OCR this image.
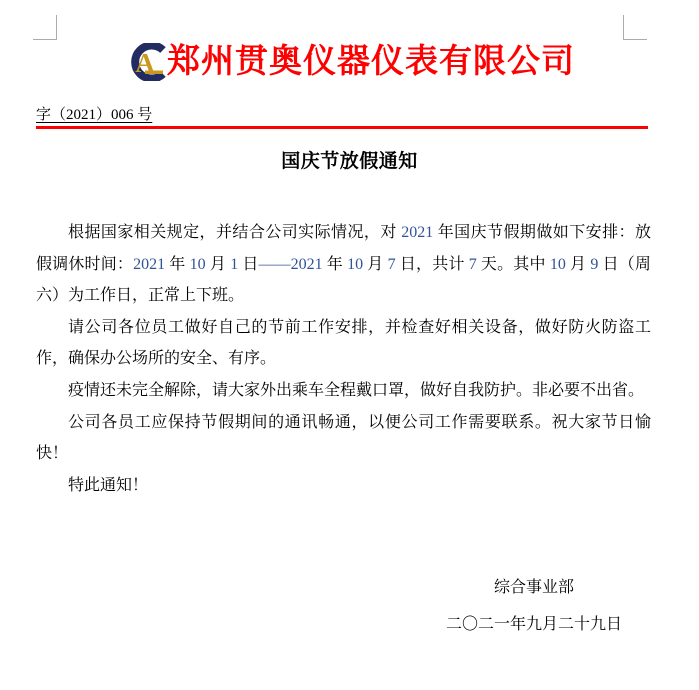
A 郑州贯奥仪器仪表有限公司
字（2021）006 号
国庆节放假通知

根据国家相关规定，并结合公司实际情况，对 2021 年国庆节假期做如下安排：放假调休时间：2021 年 10 月 1 日——2021 年 10 月 7 日，共计 7 天。其中 10 月 9 日（周六）为工作日，正常上下班。

请公司各位员工做好自己的节前工作安排，并检查好相关设备，做好防火防盗工作，确保办公场所的安全、有序。

疫情还未完全解除，请大家外出乘车全程戴口罩，做好自我防护。非必要不出省。

公司各员工应保持节假期间的通讯畅通，以便公司工作需要联系。祝大家节日愉快！

特此通知！

综合事业部
二〇二一年九月二十九日
